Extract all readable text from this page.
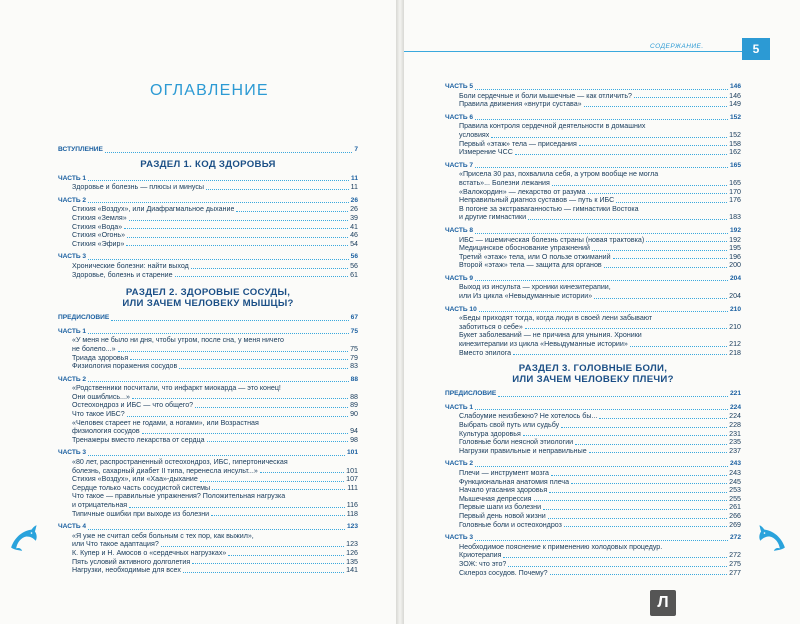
ОГЛАВЛЕНИЕ
СОДЕРЖАНИЕ.	5
ВСТУПЛЕНИЕ	7
РАЗДЕЛ 1. КОД ЗДОРОВЬЯ
ЧАСТЬ 1	11
Здоровье и болезнь — плюсы и минусы	11
ЧАСТЬ 2	26
Стихия «Воздух», или Диафрагмальное дыхание	26
Стихия «Земля»	39
Стихия «Вода»	41
Стихия «Огонь»	46
Стихия «Эфир»	54
ЧАСТЬ 3	56
Хронические болезни: найти выход	56
Здоровье, болезнь и старение	61
РАЗДЕЛ 2. ЗДОРОВЫЕ СОСУДЫ,
ИЛИ ЗАЧЕМ ЧЕЛОВЕКУ МЫШЦЫ?
ПРЕДИСЛОВИЕ	67
ЧАСТЬ 1	75
«У меня не было ни дня, чтобы утром, после сна, у меня ничего
не болело...»	75
Триада здоровья	79
Физиология поражения сосудов	83
ЧАСТЬ 2	88
«Родственники посчитали, что инфаркт миокарда — это конец!
Они ошиблись...»	88
Остеохондроз и ИБС — что общего?	89
Что такое ИБС?	90
«Человек стареет не годами, а ногами», или Возрастная
физиология сосудов	94
Тренажеры вместо лекарства от сердца	98
ЧАСТЬ 3	101
«80 лет, распространенный остеохондроз, ИБС, гипертоническая
болезнь, сахарный диабет II типа, перенесла инсульт...»	101
Стихия «Воздух», или «Хаа»-дыхание	107
Сердце только часть сосудистой системы	111
Что такое — правильные упражнения? Положительная нагрузка
и отрицательная	116
Типичные ошибки при выходе из болезни	118
ЧАСТЬ 4	123
«Я уже не считал себя больным с тех пор, как выжил»,
или Что такое адаптация?	123
К. Купер и Н. Амосов о «сердечных нагрузках»	126
Пять условий активного долголетия	135
Нагрузки, необходимые для всех	141
ЧАСТЬ 5	146
Боли сердечные и боли мышечные — как отличить?	146
Правила движения «внутри сустава»	149
ЧАСТЬ 6	152
Правила контроля сердечной деятельности в домашних
условиях	152
Первый «этаж» тела — приседания	158
Измерение ЧСС	162
ЧАСТЬ 7	165
«Присела 30 раз, похвалила себя, а утром вообще не могла
встать»... Болезни лежания	165
«Валокордин» — лекарство от разума	170
Неправильный диагноз суставов — путь к ИБС	176
В погоне за экстраваганностью — гимнастики Востока
и другие гимнастики	183
ЧАСТЬ 8	192
ИБС — ишемическая болезнь страны (новая трактовка)	192
Медицинское обоснование упражнений	195
Третий «этаж» тела, или О пользе отжиманий	196
Второй «этаж» тела — защита для органов	200
ЧАСТЬ 9	204
Выход из инсульта — хроники кинезитерапии,
или Из цикла «Невыдуманные истории»	204
ЧАСТЬ 10	210
«Беды приходят тогда, когда люди в своей лени забывают
заботиться о себе»	210
Букет заболеваний — не причина для уныния. Хроники
кинезитерапии из цикла «Невыдуманные истории»	212
Вместо эпилога	218
РАЗДЕЛ 3. ГОЛОВНЫЕ БОЛИ,
ИЛИ ЗАЧЕМ ЧЕЛОВЕКУ ПЛЕЧИ?
ПРЕДИСЛОВИЕ	221
ЧАСТЬ 1	224
Слабоумие неизбежно? Не хотелось бы...	224
Выбрать свой путь или судьбу	228
Культура здоровья	231
Головные боли неясной этиологии	235
Нагрузки правильные и неправильные	237
ЧАСТЬ 2	243
Плечи — инструмент мозга	243
Функциональная анатомия плеча	245
Начало угасания здоровья	253
Мышечная депрессия	255
Первые шаги из болезни	261
Первый день новой жизни	266
Головные боли и остеохондроз	269
ЧАСТЬ 3	272
Необходимое пояснение к применению холодовых процедур.
Криотерапия	272
ЗОЖ: что это?	275
Склероз сосудов. Почему?	277
Л
